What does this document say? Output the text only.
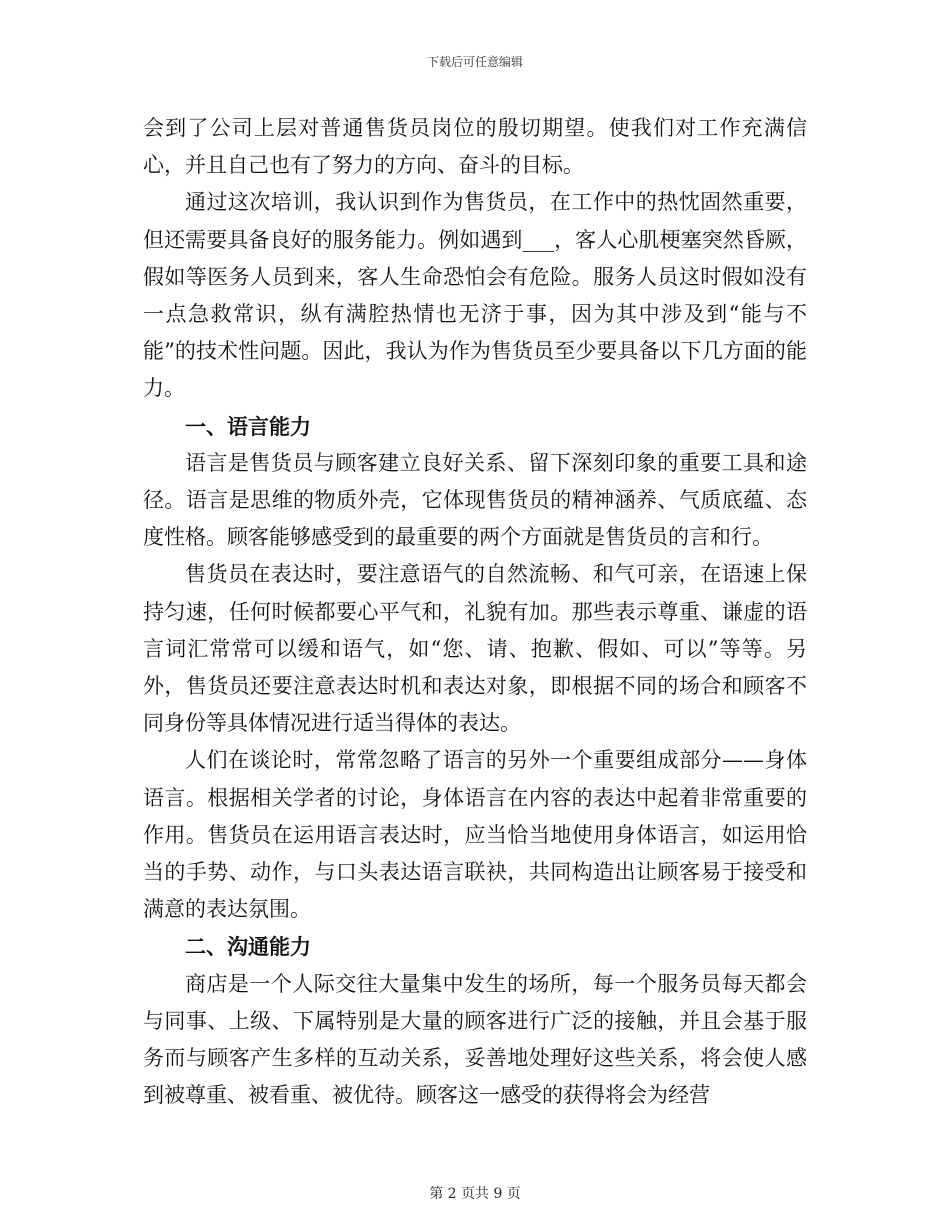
下载后可任意编辑

会到了公司上层对普通售货员岗位的殷切期望。使我们对工作充满信心，并且自己也有了努力的方向、奋斗的目标。

通过这次培训，我认识到作为售货员，在工作中的热忱固然重要，但还需要具备良好的服务能力。例如遇到___，客人心肌梗塞突然昏厥，假如等医务人员到来，客人生命恐怕会有危险。服务人员这时假如没有一点急救常识，纵有满腔热情也无济于事，因为其中涉及到“能与不能”的技术性问题。因此，我认为作为售货员至少要具备以下几方面的能力。

一、语言能力

语言是售货员与顾客建立良好关系、留下深刻印象的重要工具和途径。语言是思维的物质外壳，它体现售货员的精神涵养、气质底蕴、态度性格。顾客能够感受到的最重要的两个方面就是售货员的言和行。

售货员在表达时，要注意语气的自然流畅、和气可亲，在语速上保持匀速，任何时候都要心平气和，礼貌有加。那些表示尊重、谦虚的语言词汇常常可以缓和语气，如“您、请、抱歉、假如、可以”等等。另外，售货员还要注意表达时机和表达对象，即根据不同的场合和顾客不同身份等具体情况进行适当得体的表达。

人们在谈论时，常常忽略了语言的另外一个重要组成部分——身体语言。根据相关学者的讨论，身体语言在内容的表达中起着非常重要的作用。售货员在运用语言表达时，应当恰当地使用身体语言，如运用恰当的手势、动作，与口头表达语言联袂，共同构造出让顾客易于接受和满意的表达氛围。

二、沟通能力

商店是一个人际交往大量集中发生的场所，每一个服务员每天都会与同事、上级、下属特别是大量的顾客进行广泛的接触，并且会基于服务而与顾客产生多样的互动关系，妥善地处理好这些关系，将会使人感到被尊重、被看重、被优待。顾客这一感受的获得将会为经营

第 2 页共 9 页
